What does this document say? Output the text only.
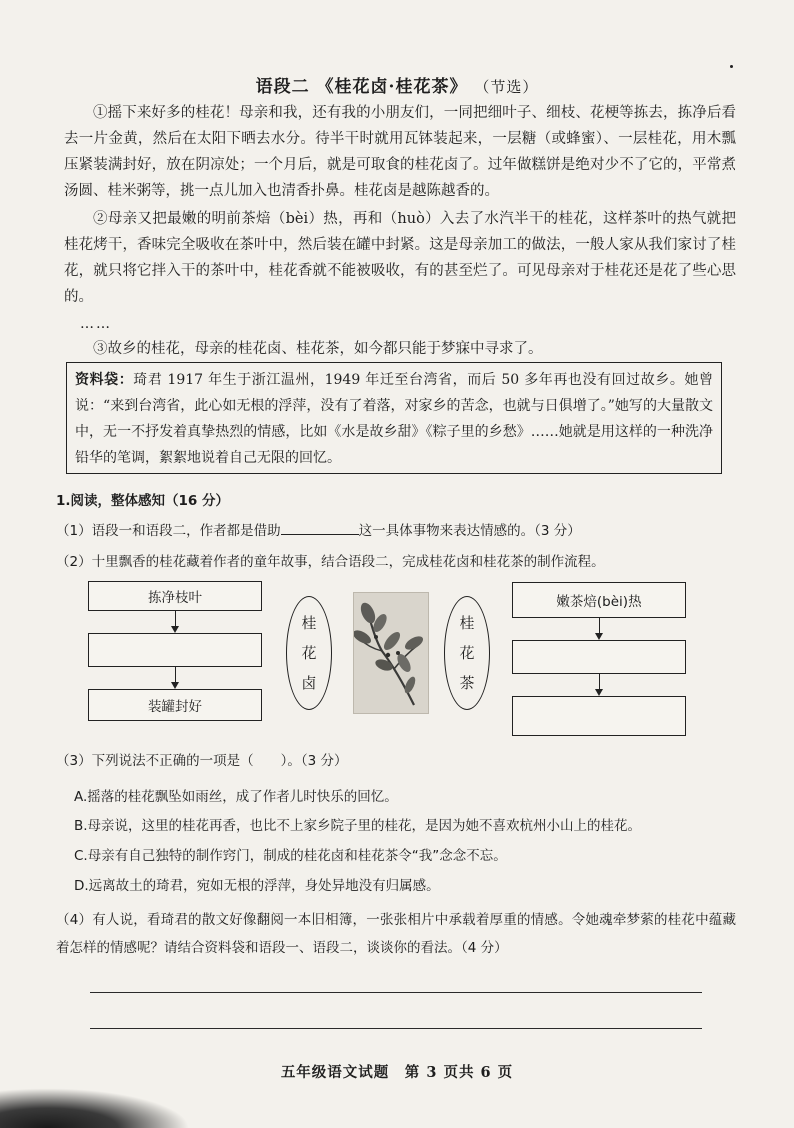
语段二 《桂花卤·桂花茶》 （节选）
①摇下来好多的桂花！母亲和我，还有我的小朋友们，一同把细叶子、细枝、花梗等拣去，拣净后看去一片金黄，然后在太阳下晒去水分。待半干时就用瓦钵装起来，一层糖（或蜂蜜）、一层桂花，用木瓢压紧装满封好，放在阴凉处；一个月后，就是可取食的桂花卤了。过年做糕饼是绝对少不了它的，平常煮汤圆、桂米粥等，挑一点儿加入也清香扑鼻。桂花卤是越陈越香的。
②母亲又把最嫩的明前茶焙（bèi）热，再和（huò）入去了水汽半干的桂花，这样茶叶的热气就把桂花烤干，香味完全吸收在茶叶中，然后装在罐中封紧。这是母亲加工的做法，一般人家从我们家讨了桂花，就只将它拌入干的茶叶中，桂花香就不能被吸收，有的甚至烂了。可见母亲对于桂花还是花了些心思的。
……
③故乡的桂花，母亲的桂花卤、桂花茶，如今都只能于梦寐中寻求了。
资料袋：琦君 1917 年生于浙江温州，1949 年迁至台湾省，而后 50 多年再也没有回过故乡。她曾说：“来到台湾省，此心如无根的浮萍，没有了着落，对家乡的苦念，也就与日俱增了。”她写的大量散文中，无一不抒发着真挚热烈的情感，比如《水是故乡甜》《粽子里的乡愁》……她就是用这样的一种洗净铅华的笔调，絮絮地说着自己无限的回忆。
1.阅读，整体感知（16 分）
（1）语段一和语段二，作者都是借助	这一具体事物来表达情感的。（3 分）
（2）十里飘香的桂花藏着作者的童年故事，结合语段二，完成桂花卤和桂花茶的制作流程。
拣净枝叶
装罐封好
桂
花
卤
桂
花
茶
嫩茶焙(bèi)热
（3）下列说法不正确的一项是（　　）。（3 分）
A.摇落的桂花飘坠如雨丝，成了作者儿时快乐的回忆。
B.母亲说，这里的桂花再香，也比不上家乡院子里的桂花，是因为她不喜欢杭州小山上的桂花。
C.母亲有自己独特的制作窍门，制成的桂花卤和桂花茶令“我”念念不忘。
D.远离故土的琦君，宛如无根的浮萍，身处异地没有归属感。
（4）有人说，看琦君的散文好像翻阅一本旧相簿，一张张相片中承载着厚重的情感。令她魂牵梦萦的桂花中蕴藏着怎样的情感呢？请结合资料袋和语段一、语段二，谈谈你的看法。（4 分）
五年级语文试题　第 3 页共 6 页
